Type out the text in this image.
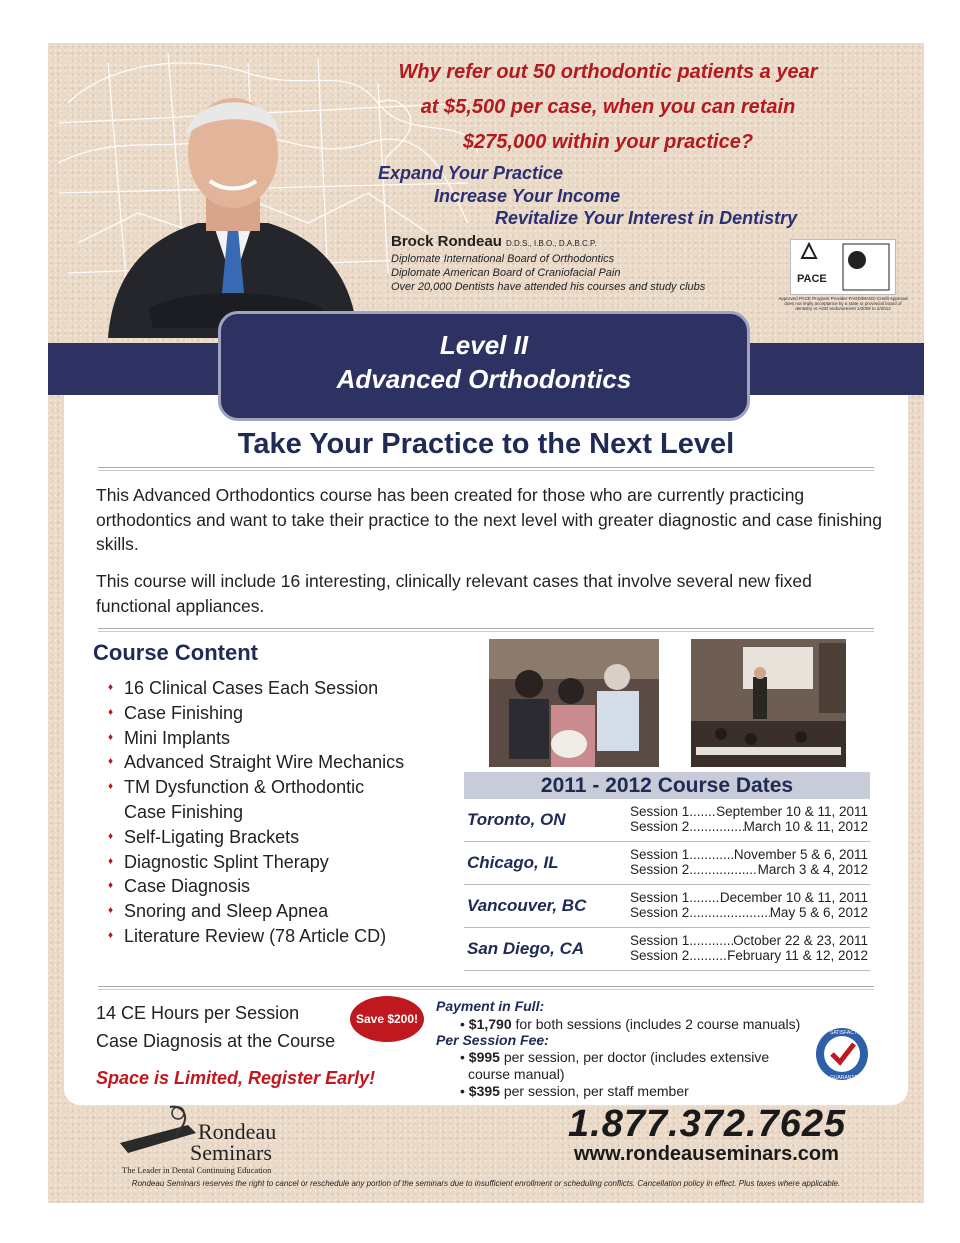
Why refer out 50 orthodontic patients a year
at $5,500 per case, when you can retain
$275,000 within your practice?
Expand Your Practice
Increase Your Income
Revitalize Your Interest in Dentistry
Brock Rondeau D.D.S., I.B.O., D.A.B.C.P.
Diplomate International Board of Orthodontics
Diplomate American Board of Craniofacial Pain
Over 20,000 Dentists have attended his courses and study clubs
PACE
Approved PACE Program Provider FAGD/MAGD Credit Approval does not imply acceptance by a state or provincial board of dentistry or AGD endorsement 1/2009 to 2/2012
Level II
Advanced Orthodontics
Take Your Practice to the Next Level
This Advanced Orthodontics course has been created for those who are currently practicing orthodontics and want to take their practice to the next level with greater diagnostic and case finishing skills.
This course will include 16 interesting, clinically relevant cases that involve several new fixed functional appliances.
Course Content
♦ 16 Clinical Cases Each Session
♦ Case Finishing
♦ Mini Implants
♦ Advanced Straight Wire Mechanics
♦ TM Dysfunction & Orthodontic Case Finishing
♦ Self-Ligating Brackets
♦ Diagnostic Splint Therapy
♦ Case Diagnosis
♦ Snoring and Sleep Apnea
♦ Literature Review (78 Article CD)
2011 - 2012 Course Dates
Toronto, ON	Session 1 ..... September 10 & 11, 2011
Session 2 .....	March 10 & 11, 2012
Chicago, IL	Session 1 .....	November 5 & 6, 2011
Session 2 .....	March 3 & 4, 2012
Vancouver, BC	Session 1 ..... December 10 & 11, 2011
Session 2 .....	May 5 & 6, 2012
San Diego, CA	Session 1 .....	October 22 & 23, 2011
Session 2 .....	February 11 & 12, 2012
14 CE Hours per Session
Case Diagnosis at the Course
Save $200!
Space is Limited, Register Early!
Payment in Full:
• $1,790 for both sessions (includes 2 course manuals)
Per Session Fee:
• $995 per session, per doctor (includes extensive
course manual)
• $395 per session, per staff member
SATISFACTION
GUARANTEED
1.877.372.7625
www.rondeauseminars.com
Rondeau
Seminars
The Leader in Dental Continuing Education
Rondeau Seminars reserves the right to cancel or reschedule any portion of the seminars due to insufficient enrollment or scheduling conflicts. Cancellation policy in effect. Plus taxes where applicable.
